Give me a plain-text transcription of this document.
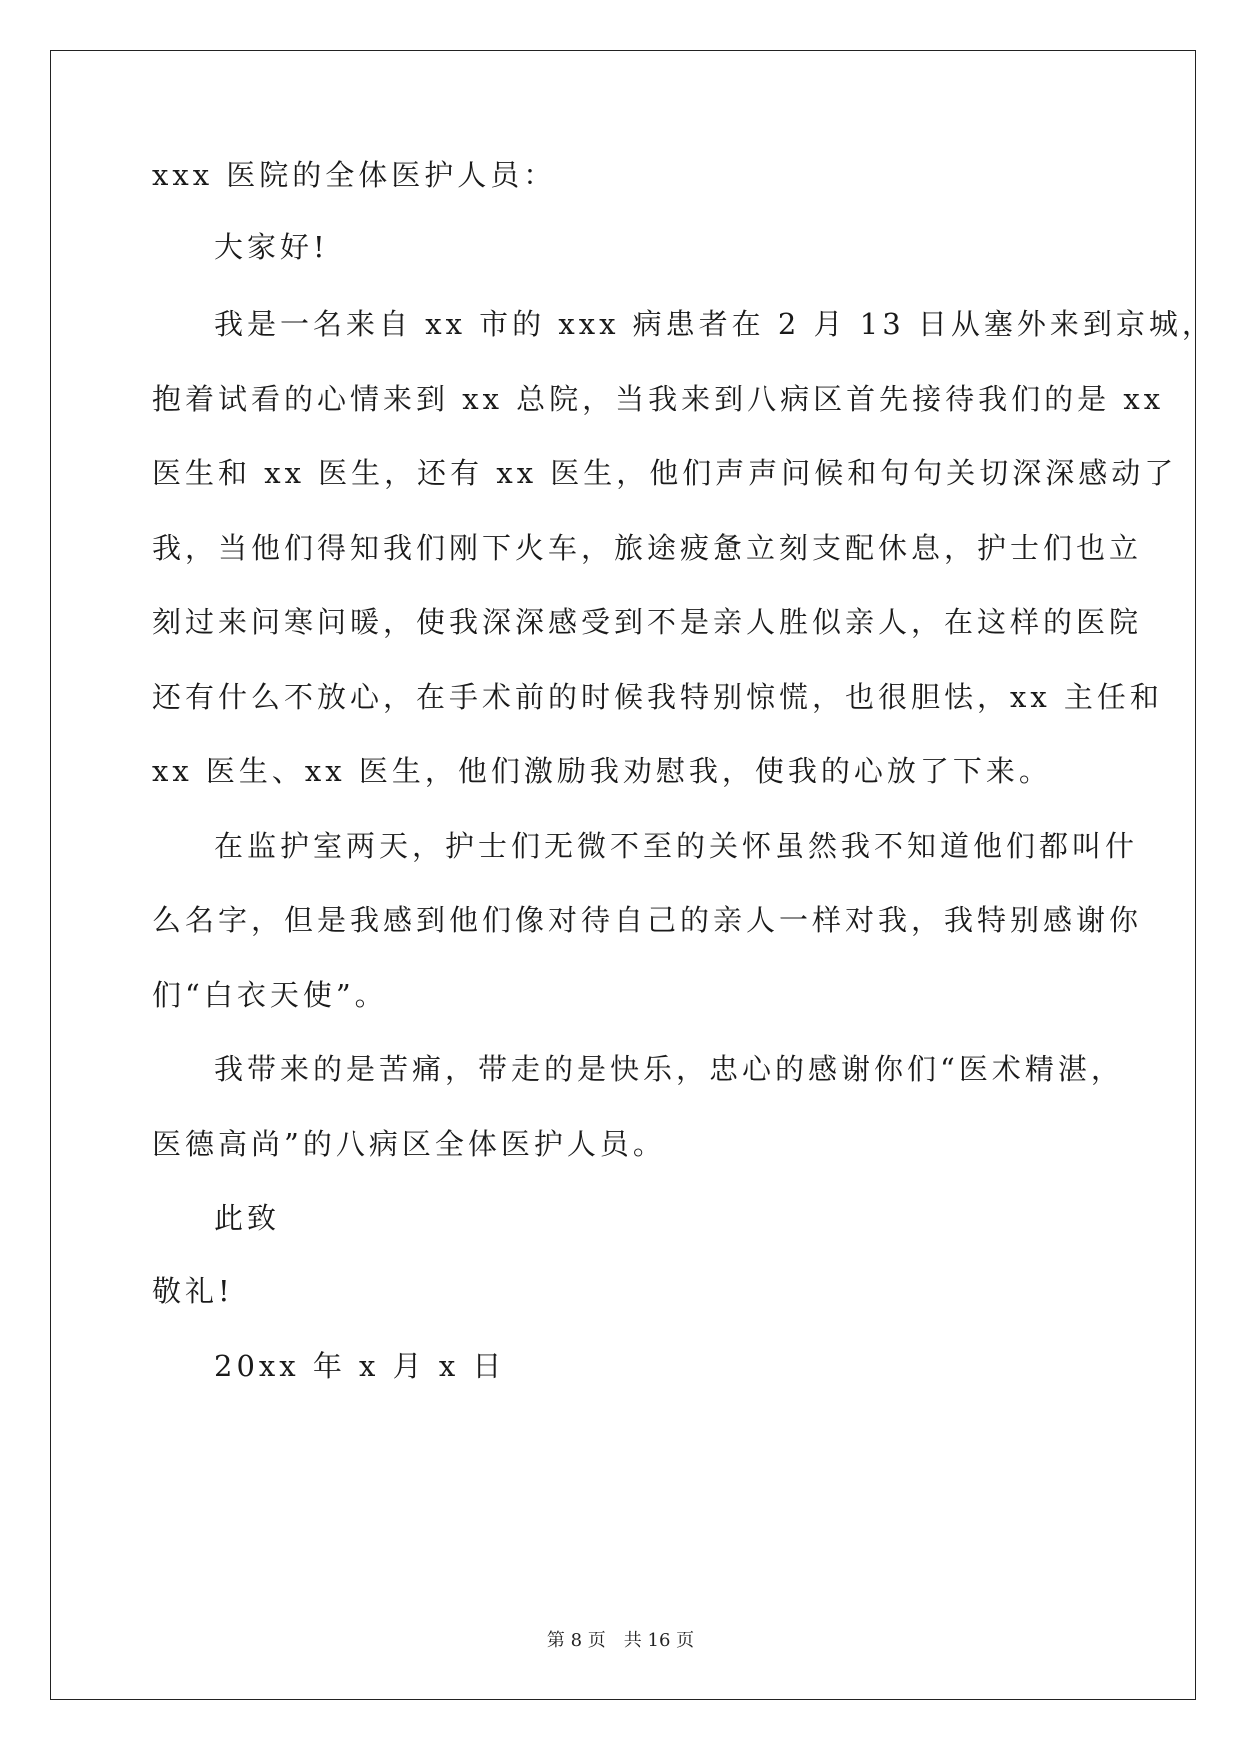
xxx 医院的全体医护人员：
大家好!
我是一名来自 xx 市的 xxx 病患者在 2 月 13 日从塞外来到京城，
抱着试看的心情来到 xx 总院，当我来到八病区首先接待我们的是 xx
医生和 xx 医生，还有 xx 医生，他们声声问候和句句关切深深感动了
我，当他们得知我们刚下火车，旅途疲惫立刻支配休息，护士们也立
刻过来问寒问暖，使我深深感受到不是亲人胜似亲人，在这样的医院
还有什么不放心，在手术前的时候我特别惊慌，也很胆怯，xx 主任和
xx 医生、xx 医生，他们激励我劝慰我，使我的心放了下来。
在监护室两天，护士们无微不至的关怀虽然我不知道他们都叫什
么名字，但是我感到他们像对待自己的亲人一样对我，我特别感谢你
们“白衣天使”。
我带来的是苦痛，带走的是快乐，忠心的感谢你们“医术精湛，
医德高尚”的八病区全体医护人员。
此致
敬礼!
20xx 年 x 月 x 日
第 8 页　共 16 页
